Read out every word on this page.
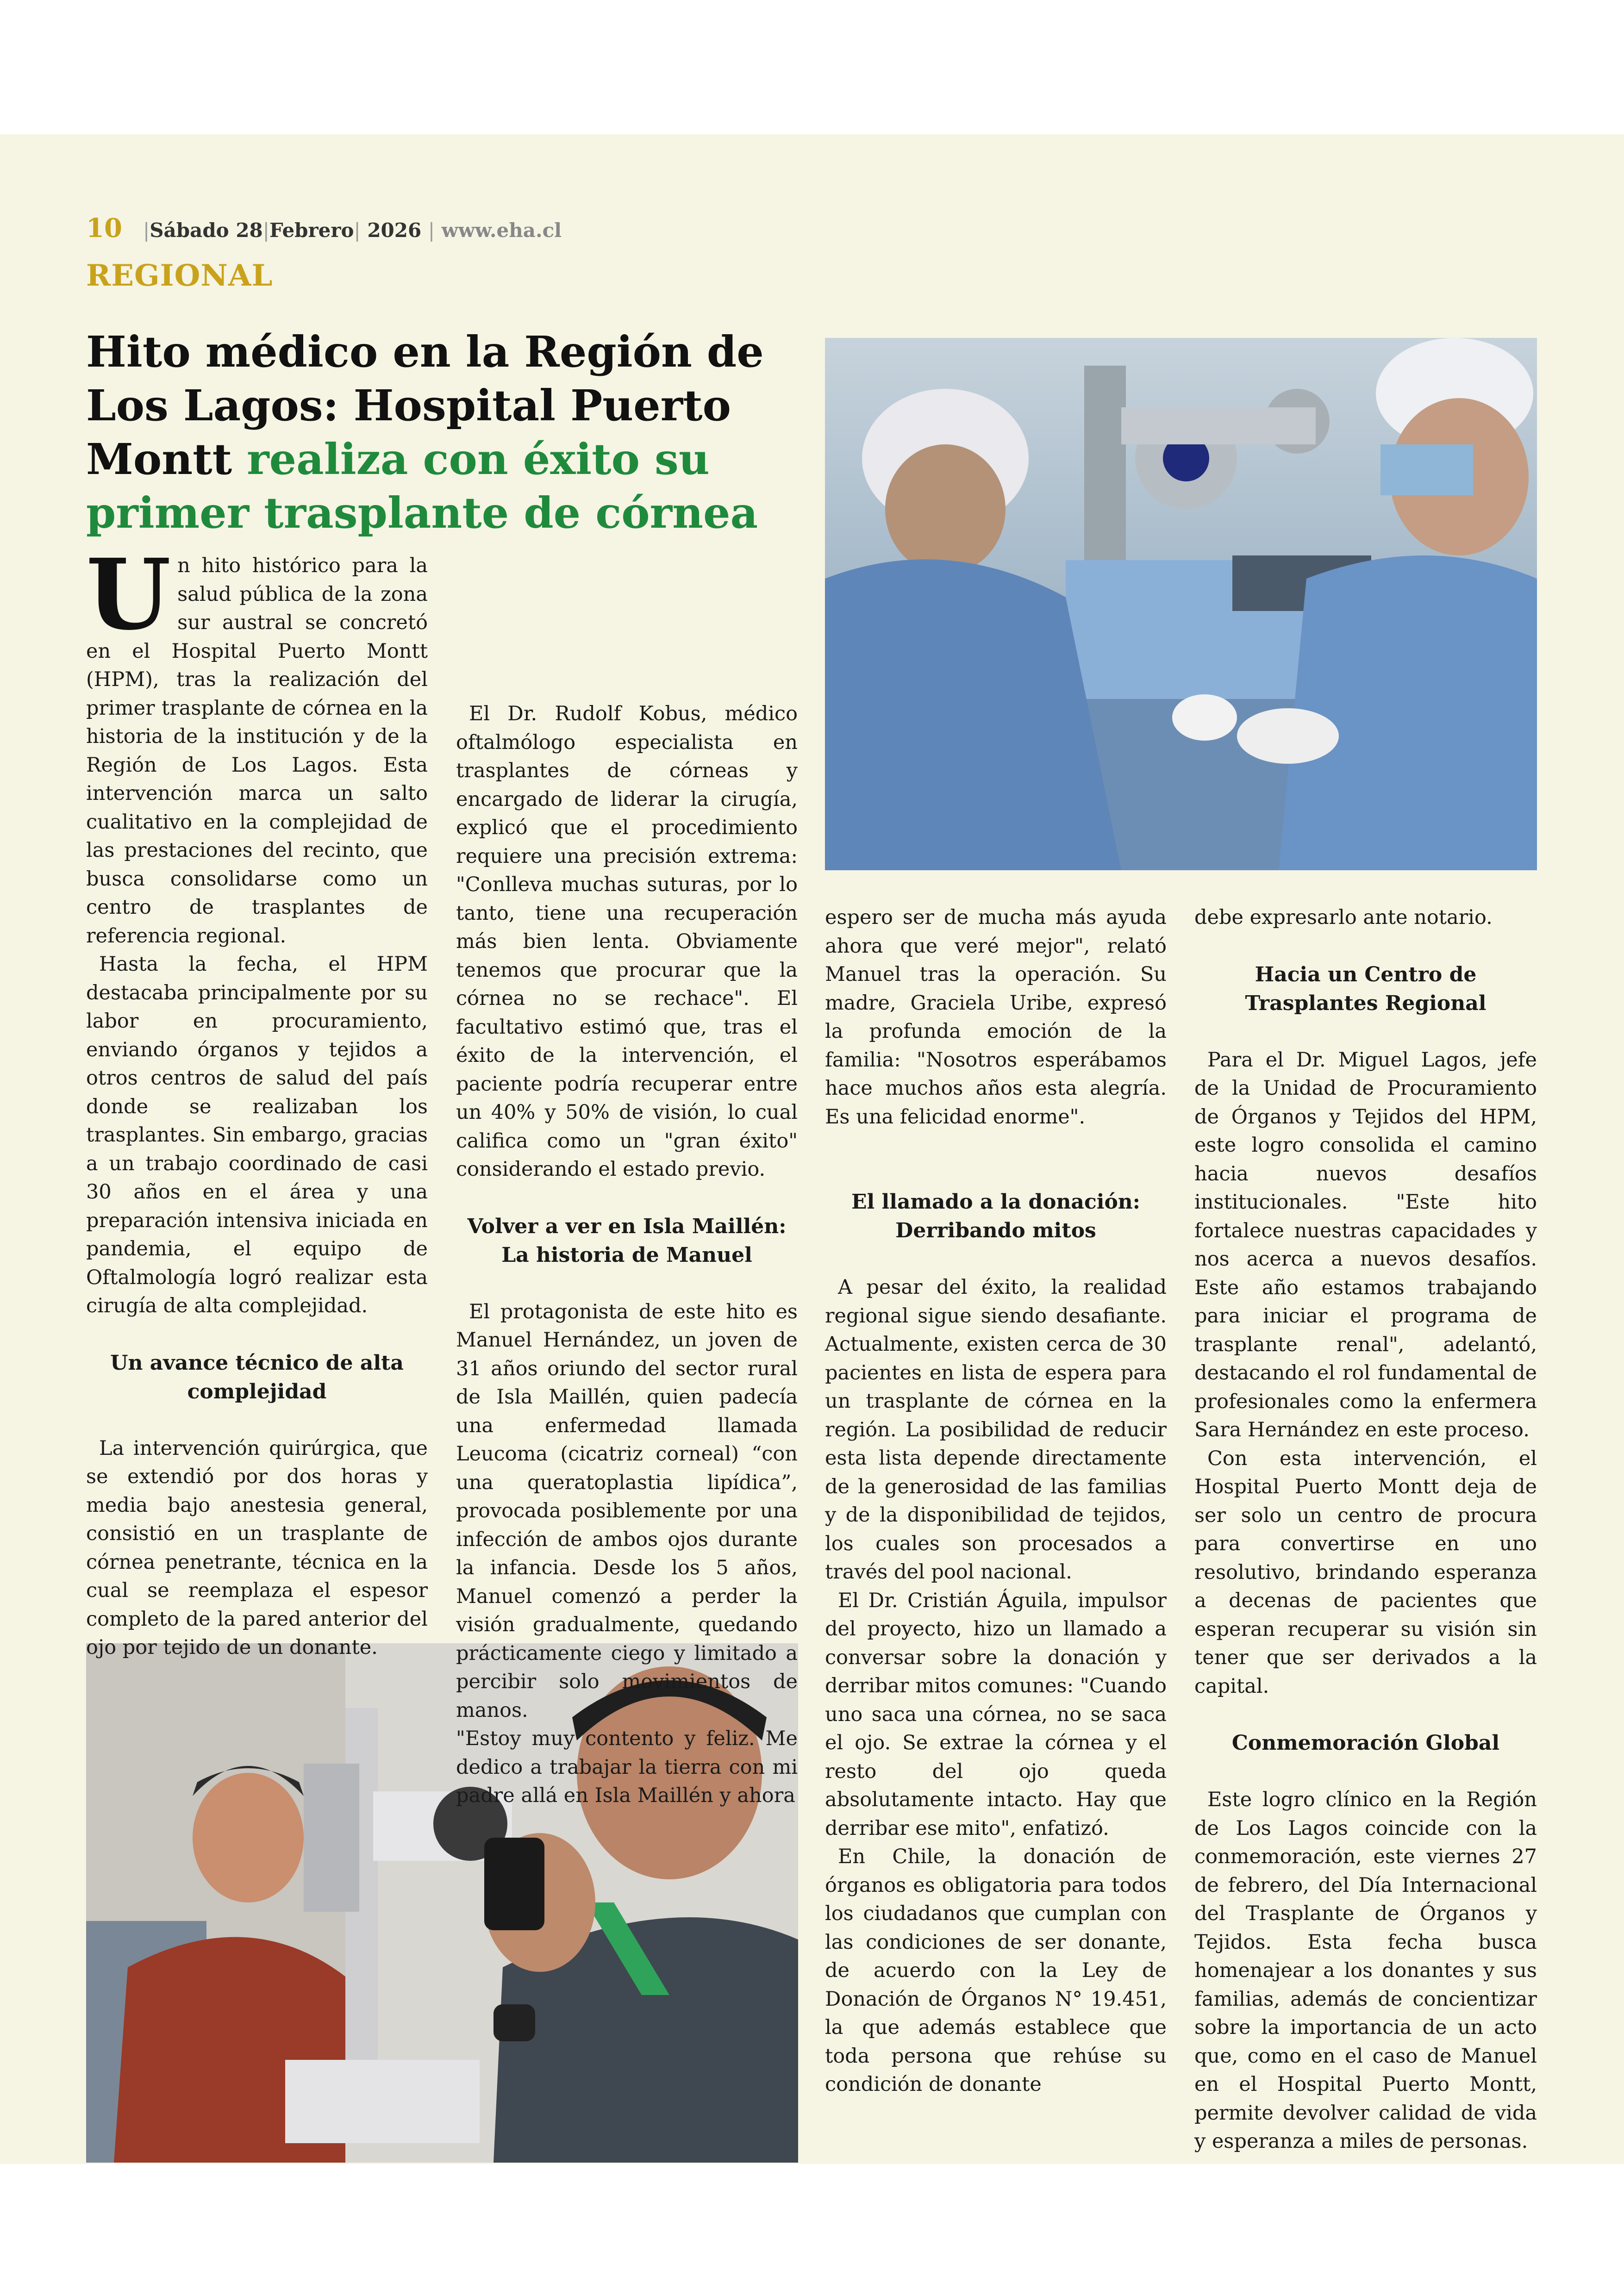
10 |Sábado 28|Febrero| 2026 | www.eha.cl
REGIONAL
Hito médico en la Región de
Los Lagos: Hospital Puerto
Montt realiza con éxito su
primer trasplante de córnea

Un hito histórico para la salud pública de la zona sur austral se concretó en el Hospital Puerto Montt (HPM), tras la realización del primer trasplante de córnea en la historia de la institución y de la Región de Los Lagos. Esta intervención marca un salto cualitativo en la complejidad de las prestaciones del recinto, que busca consolidarse como un centro de trasplantes de referencia regional.

Hasta la fecha, el HPM destacaba principalmente por su labor en procuramiento, enviando órganos y tejidos a otros centros de salud del país donde se realizaban los trasplantes. Sin embargo, gracias a un trabajo coordinado de casi 30 años en el área y una preparación intensiva iniciada en pandemia, el equipo de Oftalmología logró realizar esta cirugía de alta complejidad.

Un avance técnico de alta complejidad

La intervención quirúrgica, que se extendió por dos horas y media bajo anestesia general, consistió en un trasplante de córnea penetrante, técnica en la cual se reemplaza el espesor completo de la pared anterior del ojo por tejido de un donante.

El Dr. Rudolf Kobus, médico oftalmólogo especialista en trasplantes de córneas y encargado de liderar la cirugía, explicó que el procedimiento requiere una precisión extrema: "Conlleva muchas suturas, por lo tanto, tiene una recuperación más bien lenta. Obviamente tenemos que procurar que la córnea no se rechace". El facultativo estimó que, tras el éxito de la intervención, el paciente podría recuperar entre un 40% y 50% de visión, lo cual califica como un "gran éxito" considerando el estado previo.

Volver a ver en Isla Maillén: La historia de Manuel

El protagonista de este hito es Manuel Hernández, un joven de 31 años oriundo del sector rural de Isla Maillén, quien padecía una enfermedad llamada Leucoma (cicatriz corneal) “con una queratoplastia lipídica”, provocada posiblemente por una infección de ambos ojos durante la infancia. Desde los 5 años, Manuel comenzó a perder la visión gradualmente, quedando prácticamente ciego y limitado a percibir solo movimientos de manos.

"Estoy muy contento y feliz. Me dedico a trabajar la tierra con mi padre allá en Isla Maillén y ahora

espero ser de mucha más ayuda ahora que veré mejor", relató Manuel tras la operación. Su madre, Graciela Uribe, expresó la profunda emoción de la familia: "Nosotros esperábamos hace muchos años esta alegría. Es una felicidad enorme".

El llamado a la donación: Derribando mitos

A pesar del éxito, la realidad regional sigue siendo desafiante. Actualmente, existen cerca de 30 pacientes en lista de espera para un trasplante de córnea en la región. La posibilidad de reducir esta lista depende directamente de la generosidad de las familias y de la disponibilidad de tejidos, los cuales son procesados a través del pool nacional.

El Dr. Cristián Águila, impulsor del proyecto, hizo un llamado a conversar sobre la donación y derribar mitos comunes: "Cuando uno saca una córnea, no se saca el ojo. Se extrae la córnea y el resto del ojo queda absolutamente intacto. Hay que derribar ese mito", enfatizó.

En Chile, la donación de órganos es obligatoria para todos los ciudadanos que cumplan con las condiciones de ser donante, de acuerdo con la Ley de Donación de Órganos N° 19.451, la que además establece que toda persona que rehúse su condición de donante

debe expresarlo ante notario.

Hacia un Centro de Trasplantes Regional

Para el Dr. Miguel Lagos, jefe de la Unidad de Procuramiento de Órganos y Tejidos del HPM, este logro consolida el camino hacia nuevos desafíos institucionales. "Este hito fortalece nuestras capacidades y nos acerca a nuevos desafíos. Este año estamos trabajando para iniciar el programa de trasplante renal", adelantó, destacando el rol fundamental de profesionales como la enfermera Sara Hernández en este proceso.

Con esta intervención, el Hospital Puerto Montt deja de ser solo un centro de procura para convertirse en uno resolutivo, brindando esperanza a decenas de pacientes que esperan recuperar su visión sin tener que ser derivados a la capital.

Conmemoración Global

Este logro clínico en la Región de Los Lagos coincide con la conmemoración, este viernes 27 de febrero, del Día Internacional del Trasplante de Órganos y Tejidos. Esta fecha busca homenajear a los donantes y sus familias, además de concientizar sobre la importancia de un acto que, como en el caso de Manuel en el Hospital Puerto Montt, permite devolver calidad de vida y esperanza a miles de personas.
